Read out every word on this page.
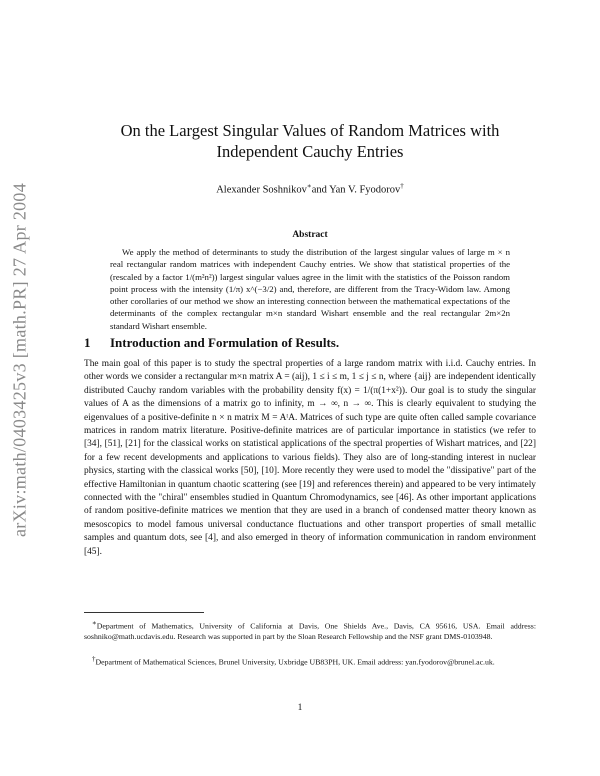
arXiv:math/0403425v3 [math.PR] 27 Apr 2004
On the Largest Singular Values of Random Matrices with
Independent Cauchy Entries
Alexander Soshnikov∗and Yan V. Fyodorov†
Abstract

We apply the method of determinants to study the distribution of the largest singular values of large m × n real rectangular random matrices with independent Cauchy entries. We show that statistical properties of the (rescaled by a factor 1/(m²n²)) largest singular values agree in the limit with the statistics of the Poisson random point process with the intensity (1/π) x^(−3/2) and, therefore, are different from the Tracy-Widom law. Among other corollaries of our method we show an interesting connection between the mathematical expectations of the determinants of the complex rectangular m×n standard Wishart ensemble and the real rectangular 2m×2n standard Wishart ensemble.

1 Introduction and Formulation of Results.

The main goal of this paper is to study the spectral properties of a large random matrix with i.i.d. Cauchy entries. In other words we consider a rectangular m×n matrix A = (aij), 1 ≤ i ≤ m, 1 ≤ j ≤ n, where {aij} are independent identically distributed Cauchy random variables with the probability density f(x) = 1/(π(1+x²)). Our goal is to study the singular values of A as the dimensions of a matrix go to infinity, m → ∞, n → ∞. This is clearly equivalent to studying the eigenvalues of a positive-definite n × n matrix M = AᵗA. Matrices of such type are quite often called sample covariance matrices in random matrix literature. Positive-definite matrices are of particular importance in statistics (we refer to [34], [51], [21] for the classical works on statistical applications of the spectral properties of Wishart matrices, and [22] for a few recent developments and applications to various fields). They also are of long-standing interest in nuclear physics, starting with the classical works [50], [10]. More recently they were used to model the "dissipative" part of the effective Hamiltonian in quantum chaotic scattering (see [19] and references therein) and appeared to be very intimately connected with the "chiral" ensembles studied in Quantum Chromodynamics, see [46]. As other important applications of random positive-definite matrices we mention that they are used in a branch of condensed matter theory known as mesoscopics to model famous universal conductance fluctuations and other transport properties of small metallic samples and quantum dots, see [4], and also emerged in theory of information communication in random environment [45].

∗Department of Mathematics, University of California at Davis, One Shields Ave., Davis, CA 95616, USA. Email address: soshniko@math.ucdavis.edu. Research was supported in part by the Sloan Research Fellowship and the NSF grant DMS-0103948.

†Department of Mathematical Sciences, Brunel University, Uxbridge UB83PH, UK. Email address: yan.fyodorov@brunel.ac.uk.

1
